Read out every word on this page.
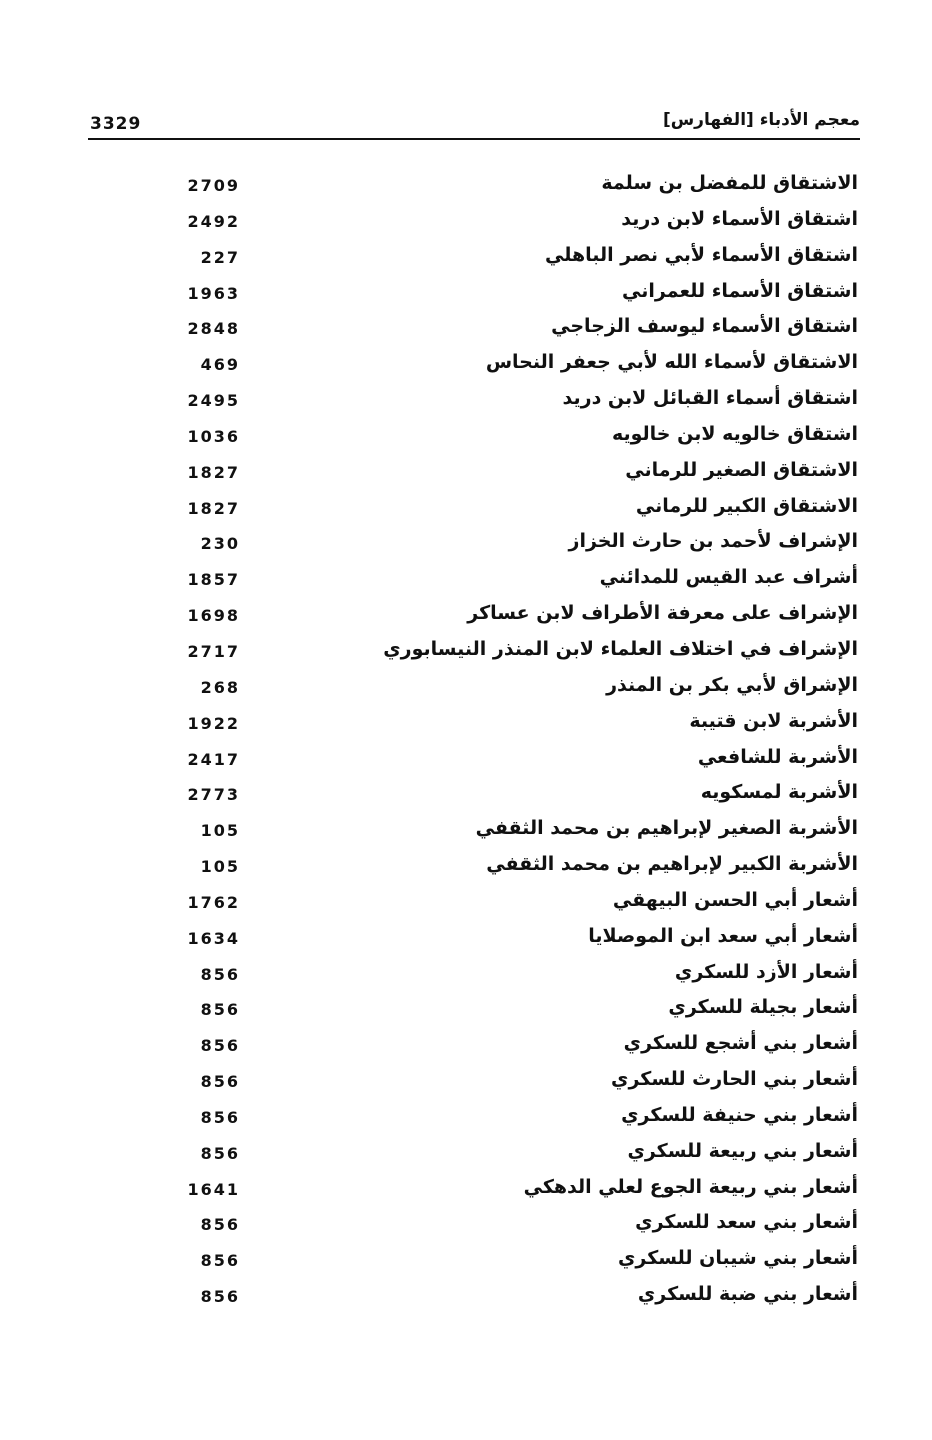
3329	معجم الأدباء [الفهارس]
الاشتقاق للمفضل بن سلمة
2709
اشتقاق الأسماء لابن دريد
2492
اشتقاق الأسماء لأبي نصر الباهلي
227
اشتقاق الأسماء للعمراني
1963
اشتقاق الأسماء ليوسف الزجاجي
2848
الاشتقاق لأسماء الله لأبي جعفر النحاس
469
اشتقاق أسماء القبائل لابن دريد
2495
اشتقاق خالويه لابن خالويه
1036
الاشتقاق الصغير للرماني
1827
الاشتقاق الكبير للرماني
1827
الإشراف لأحمد بن حارث الخزاز
230
أشراف عبد القيس للمدائني
1857
الإشراف على معرفة الأطراف لابن عساكر
1698
الإشراف في اختلاف العلماء لابن المنذر النيسابوري
2717
الإشراق لأبي بكر بن المنذر
268
الأشربة لابن قتيبة
1922
الأشربة للشافعي
2417
الأشربة لمسكويه
2773
الأشربة الصغير لإبراهيم بن محمد الثقفي
105
الأشربة الكبير لإبراهيم بن محمد الثقفي
105
أشعار أبي الحسن البيهقي
1762
أشعار أبي سعد ابن الموصلايا
1634
أشعار الأزد للسكري
856
أشعار بجيلة للسكري
856
أشعار بني أشجع للسكري
856
أشعار بني الحارث للسكري
856
أشعار بني حنيفة للسكري
856
أشعار بني ربيعة للسكري
856
أشعار بني ربيعة الجوع لعلي الدهكي
1641
أشعار بني سعد للسكري
856
أشعار بني شيبان للسكري
856
أشعار بني ضبة للسكري
856
